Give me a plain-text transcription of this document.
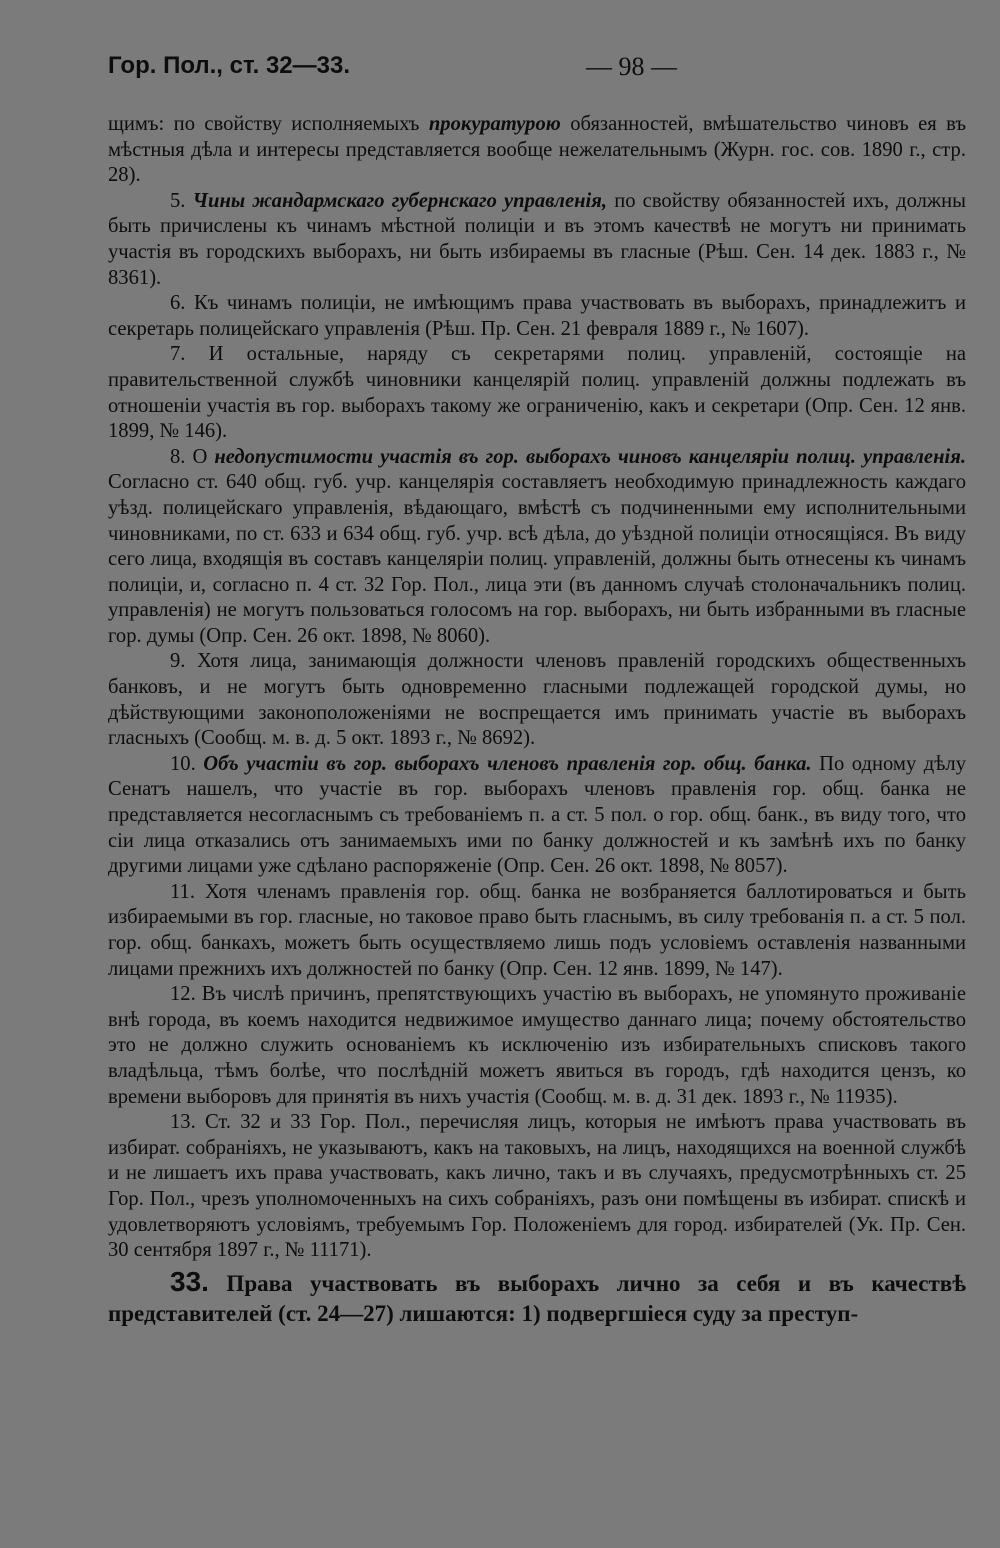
Гор. Пол., ст. 32—33.	— 98 —

щимъ: по свойству исполняемыхъ прокуратурою обязанностей, вмѣшательство чиновъ ея въ мѣстныя дѣла и интересы представляется вообще нежелательнымъ (Журн. гос. сов. 1890 г., стр. 28).

5. Чины жандармскаго губернскаго управленія, по свойству обязанностей ихъ, должны быть причислены къ чинамъ мѣстной полиціи и въ этомъ качествѣ не могутъ ни принимать участія въ городскихъ выборахъ, ни быть избираемы въ гласные (Рѣш. Сен. 14 дек. 1883 г., № 8361).

6. Къ чинамъ полиціи, не имѣющимъ права участвовать въ выборахъ, принадлежитъ и секретарь полицейскаго управленія (Рѣш. Пр. Сен. 21 февраля 1889 г., № 1607).

7. И остальные, наряду съ секретарями полиц. управленій, состоящіе на правительственной службѣ чиновники канцелярій полиц. управленій должны подлежать въ отношеніи участія въ гор. выборахъ такому же ограниченію, какъ и секретари (Опр. Сен. 12 янв. 1899, № 146).

8. О недопустимости участія въ гор. выборахъ чиновъ канцеляріи полиц. управленія. Согласно ст. 640 общ. губ. учр. канцелярія составляетъ необходимую принадлежность каждаго уѣзд. полицейскаго управленія, вѣдающаго, вмѣстѣ съ подчиненными ему исполнительными чиновниками, по ст. 633 и 634 общ. губ. учр. всѣ дѣла, до уѣздной полиціи относящіяся. Въ виду сего лица, входящія въ составъ канцеляріи полиц. управленій, должны быть отнесены къ чинамъ полиціи, и, согласно п. 4 ст. 32 Гор. Пол., лица эти (въ данномъ случаѣ столоначальникъ полиц. управленія) не могутъ пользоваться голосомъ на гор. выборахъ, ни быть избранными въ гласные гор. думы (Опр. Сен. 26 окт. 1898, № 8060).

9. Хотя лица, занимающія должности членовъ правленій городскихъ общественныхъ банковъ, и не могутъ быть одновременно гласными подлежащей городской думы, но дѣйствующими законоположеніями не воспрещается имъ принимать участіе въ выборахъ гласныхъ (Сообщ. м. в. д. 5 окт. 1893 г., № 8692).

10. Объ участіи въ гор. выборахъ членовъ правленія гор. общ. банка. По одному дѣлу Сенатъ нашелъ, что участіе въ гор. выборахъ членовъ правленія гор. общ. банка не представляется несогласнымъ съ требованіемъ п. а ст. 5 пол. о гор. общ. банк., въ виду того, что сіи лица отказались отъ занимаемыхъ ими по банку должностей и къ замѣнѣ ихъ по банку другими лицами уже сдѣлано распоряженіе (Опр. Сен. 26 окт. 1898, № 8057).

11. Хотя членамъ правленія гор. общ. банка не возбраняется баллотироваться и быть избираемыми въ гор. гласные, но таковое право быть гласнымъ, въ силу требованія п. а ст. 5 пол. гор. общ. банкахъ, можетъ быть осуществляемо лишь подъ условіемъ оставленія названными лицами прежнихъ ихъ должностей по банку (Опр. Сен. 12 янв. 1899, № 147).

12. Въ числѣ причинъ, препятствующихъ участію въ выборахъ, не упомянуто проживаніе внѣ города, въ коемъ находится недвижимое имущество даннаго лица; почему обстоятельство это не должно служить основаніемъ къ исключенію изъ избирательныхъ списковъ такого владѣльца, тѣмъ болѣе, что послѣдній можетъ явиться въ городъ, гдѣ находится цензъ, ко времени выборовъ для принятія въ нихъ участія (Сообщ. м. в. д. 31 дек. 1893 г., № 11935).

13. Ст. 32 и 33 Гор. Пол., перечисляя лицъ, которыя не имѣютъ права участвовать въ избират. собраніяхъ, не указываютъ, какъ на таковыхъ, на лицъ, находящихся на военной службѣ и не лишаетъ ихъ права участвовать, какъ лично, такъ и въ случаяхъ, предусмотрѣнныхъ ст. 25 Гор. Пол., чрезъ уполномоченныхъ на сихъ собраніяхъ, разъ они помѣщены въ избират. спискѣ и удовлетворяютъ условіямъ, требуемымъ Гор. Положеніемъ для город. избирателей (Ук. Пр. Сен. 30 сентября 1897 г., № 11171).

33. Права участвовать въ выборахъ лично за себя и въ качествѣ представителей (ст. 24—27) лишаются: 1) подвергшіеся суду за преступ-
